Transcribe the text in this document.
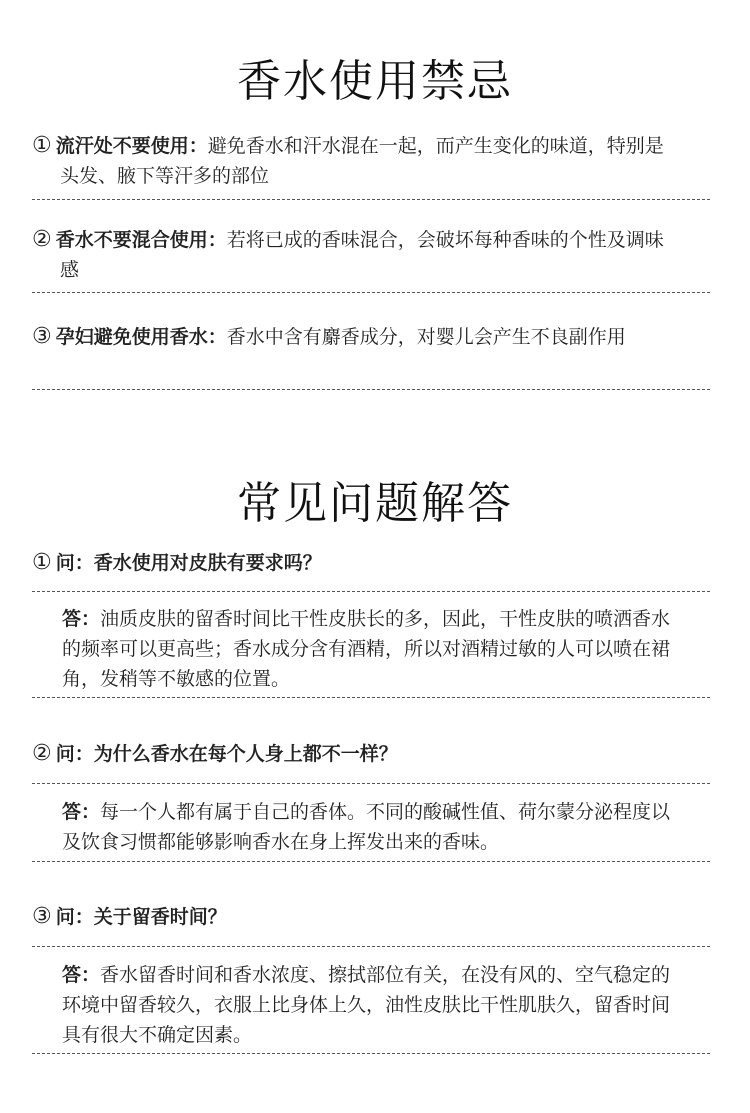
香水使用禁忌
① 流汗处不要使用：避免香水和汗水混在一起，而产生变化的味道，特别是
头发、腋下等汗多的部位
② 香水不要混合使用：若将已成的香味混合，会破坏每种香味的个性及调味
感
③ 孕妇避免使用香水：香水中含有麝香成分，对婴儿会产生不良副作用
常见问题解答
① 问：香水使用对皮肤有要求吗？
答：油质皮肤的留香时间比干性皮肤长的多，因此，干性皮肤的喷洒香水
的频率可以更高些；香水成分含有酒精，所以对酒精过敏的人可以喷在裙
角，发稍等不敏感的位置。
② 问：为什么香水在每个人身上都不一样？
答：每一个人都有属于自己的香体。不同的酸碱性值、荷尔蒙分泌程度以
及饮食习惯都能够影响香水在身上挥发出来的香味。
③ 问：关于留香时间？
答：香水留香时间和香水浓度、擦拭部位有关，在没有风的、空气稳定的
环境中留香较久，衣服上比身体上久，油性皮肤比干性肌肤久，留香时间
具有很大不确定因素。
